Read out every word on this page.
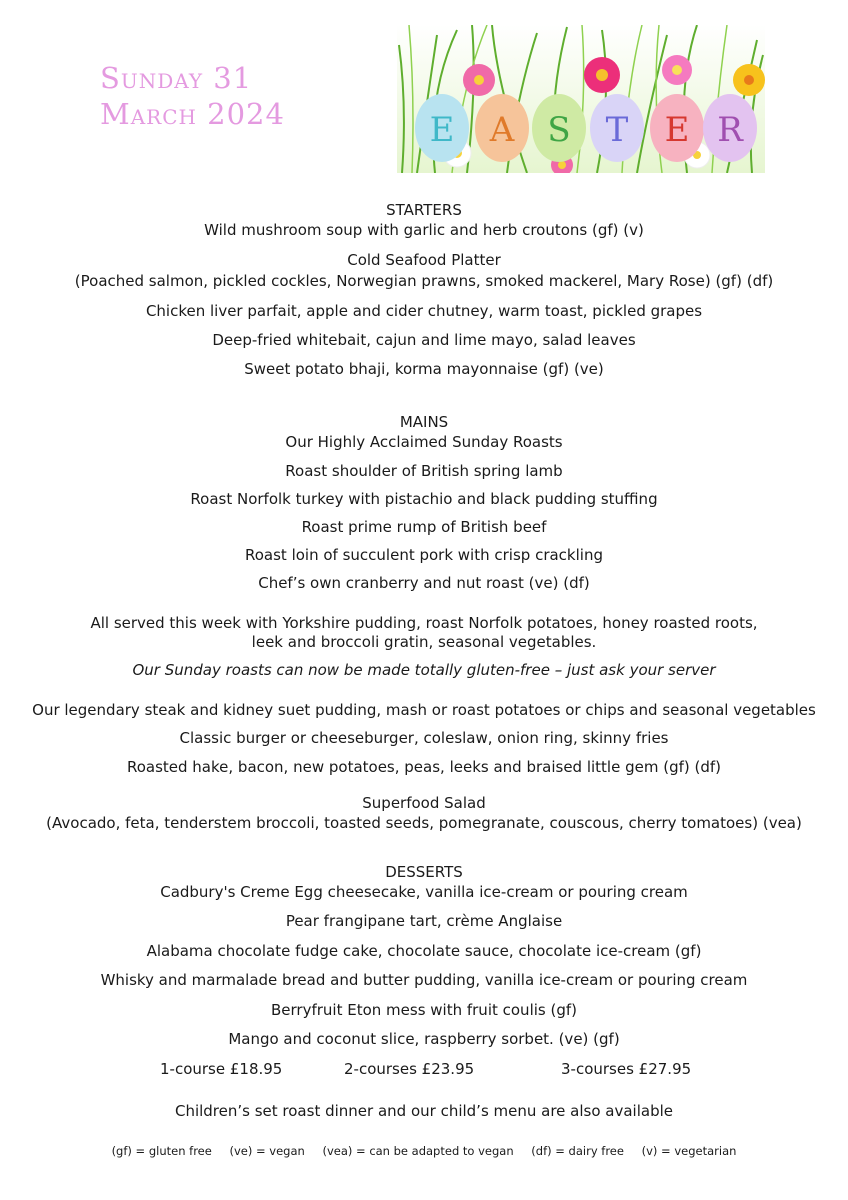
Sunday 31
March 2024	E A S T E R
STARTERS
Wild mushroom soup with garlic and herb croutons (gf) (v)
Cold Seafood Platter
(Poached salmon, pickled cockles, Norwegian prawns, smoked mackerel, Mary Rose) (gf) (df)
Chicken liver parfait, apple and cider chutney, warm toast, pickled grapes
Deep-fried whitebait, cajun and lime mayo, salad leaves
Sweet potato bhaji, korma mayonnaise (gf) (ve)
MAINS
Our Highly Acclaimed Sunday Roasts
Roast shoulder of British spring lamb
Roast Norfolk turkey with pistachio and black pudding stuffing
Roast prime rump of British beef
Roast loin of succulent pork with crisp crackling
Chef’s own cranberry and nut roast (ve) (df)
All served this week with Yorkshire pudding, roast Norfolk potatoes, honey roasted roots,
leek and broccoli gratin, seasonal vegetables.
Our Sunday roasts can now be made totally gluten-free – just ask your server
Our legendary steak and kidney suet pudding, mash or roast potatoes or chips and seasonal vegetables
Classic burger or cheeseburger, coleslaw, onion ring, skinny fries
Roasted hake, bacon, new potatoes, peas, leeks and braised little gem (gf) (df)
Superfood Salad
(Avocado, feta, tenderstem broccoli, toasted seeds, pomegranate, couscous, cherry tomatoes) (vea)
DESSERTS
Cadbury's Creme Egg cheesecake, vanilla ice-cream or pouring cream
Pear frangipane tart, crème Anglaise
Alabama chocolate fudge cake, chocolate sauce, chocolate ice-cream (gf)
Whisky and marmalade bread and butter pudding, vanilla ice-cream or pouring cream
Berryfruit Eton mess with fruit coulis (gf)
Mango and coconut slice, raspberry sorbet. (ve) (gf)
1-course £18.95	2-courses £23.95	3-courses £27.95
Children’s set roast dinner and our child’s menu are also available
(gf) = gluten free (ve) = vegan (vea) = can be adapted to vegan (df) = dairy free (v) = vegetarian
